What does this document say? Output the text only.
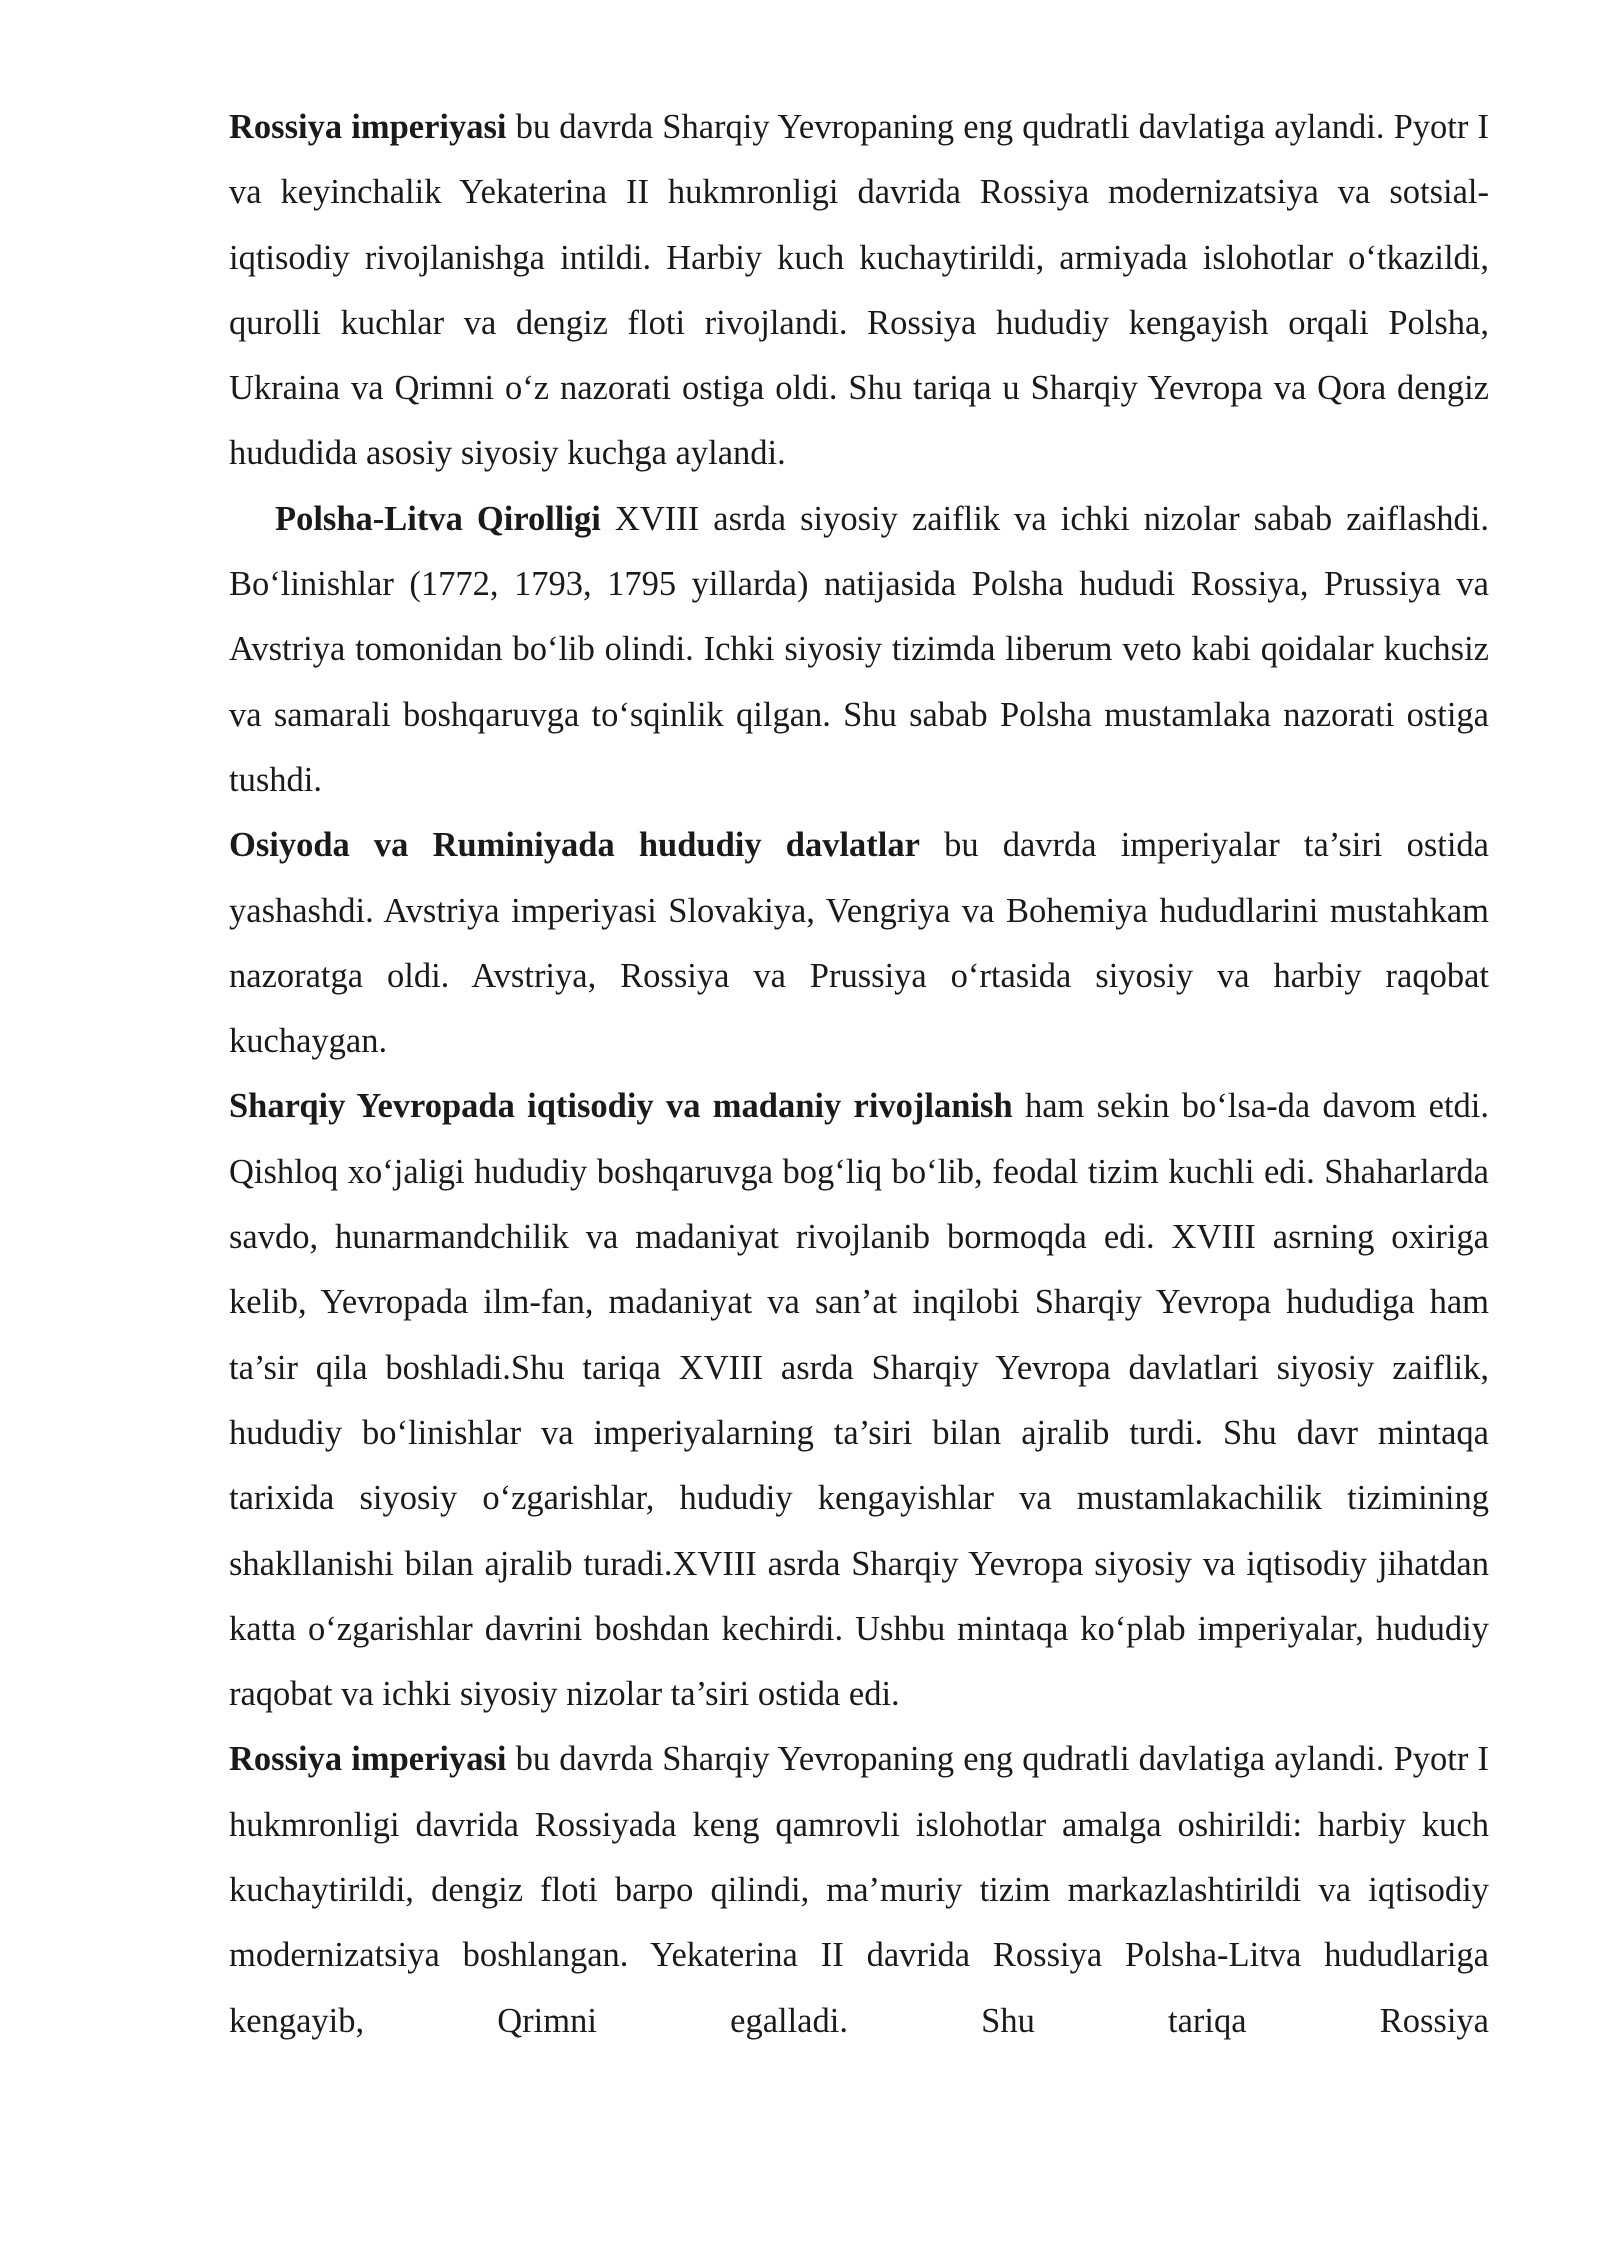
Rossiya imperiyasi bu davrda Sharqiy Yevropaning eng qudratli davlatiga aylandi. Pyotr I va keyinchalik Yekaterina II hukmronligi davrida Rossiya modernizatsiya va sotsial-iqtisodiy rivojlanishga intildi. Harbiy kuch kuchaytirildi, armiyada islohotlar o‘tkazildi, qurolli kuchlar va dengiz floti rivojlandi. Rossiya hududiy kengayish orqali Polsha, Ukraina va Qrimni o‘z nazorati ostiga oldi. Shu tariqa u Sharqiy Yevropa va Qora dengiz hududida asosiy siyosiy kuchga aylandi.

Polsha-Litva Qirolligi XVIII asrda siyosiy zaiflik va ichki nizolar sabab zaiflashdi. Bo‘linishlar (1772, 1793, 1795 yillarda) natijasida Polsha hududi Rossiya, Prussiya va Avstriya tomonidan bo‘lib olindi. Ichki siyosiy tizimda liberum veto kabi qoidalar kuchsiz va samarali boshqaruvga to‘sqinlik qilgan. Shu sabab Polsha mustamlaka nazorati ostiga tushdi.

Osiyoda va Ruminiyada hududiy davlatlar bu davrda imperiyalar ta’siri ostida yashashdi. Avstriya imperiyasi Slovakiya, Vengriya va Bohemiya hududlarini mustahkam nazoratga oldi. Avstriya, Rossiya va Prussiya o‘rtasida siyosiy va harbiy raqobat kuchaygan.

Sharqiy Yevropada iqtisodiy va madaniy rivojlanish ham sekin bo‘lsa-da davom etdi. Qishloq xo‘jaligi hududiy boshqaruvga bog‘liq bo‘lib, feodal tizim kuchli edi. Shaharlarda savdo, hunarmandchilik va madaniyat rivojlanib bormoqda edi. XVIII asrning oxiriga kelib, Yevropada ilm-fan, madaniyat va san’at inqilobi Sharqiy Yevropa hududiga ham ta’sir qila boshladi.Shu tariqa XVIII asrda Sharqiy Yevropa davlatlari siyosiy zaiflik, hududiy bo‘linishlar va imperiyalarning ta’siri bilan ajralib turdi. Shu davr mintaqa tarixida siyosiy o‘zgarishlar, hududiy kengayishlar va mustamlakachilik tizimining shakllanishi bilan ajralib turadi.XVIII asrda Sharqiy Yevropa siyosiy va iqtisodiy jihatdan katta o‘zgarishlar davrini boshdan kechirdi. Ushbu mintaqa ko‘plab imperiyalar, hududiy raqobat va ichki siyosiy nizolar ta’siri ostida edi.

Rossiya imperiyasi bu davrda Sharqiy Yevropaning eng qudratli davlatiga aylandi. Pyotr I hukmronligi davrida Rossiyada keng qamrovli islohotlar amalga oshirildi: harbiy kuch kuchaytirildi, dengiz floti barpo qilindi, ma’muriy tizim markazlashtirildi va iqtisodiy modernizatsiya boshlangan. Yekaterina II davrida Rossiya Polsha-Litva hududlariga kengayib, Qrimni egalladi. Shu tariqa Rossiya
